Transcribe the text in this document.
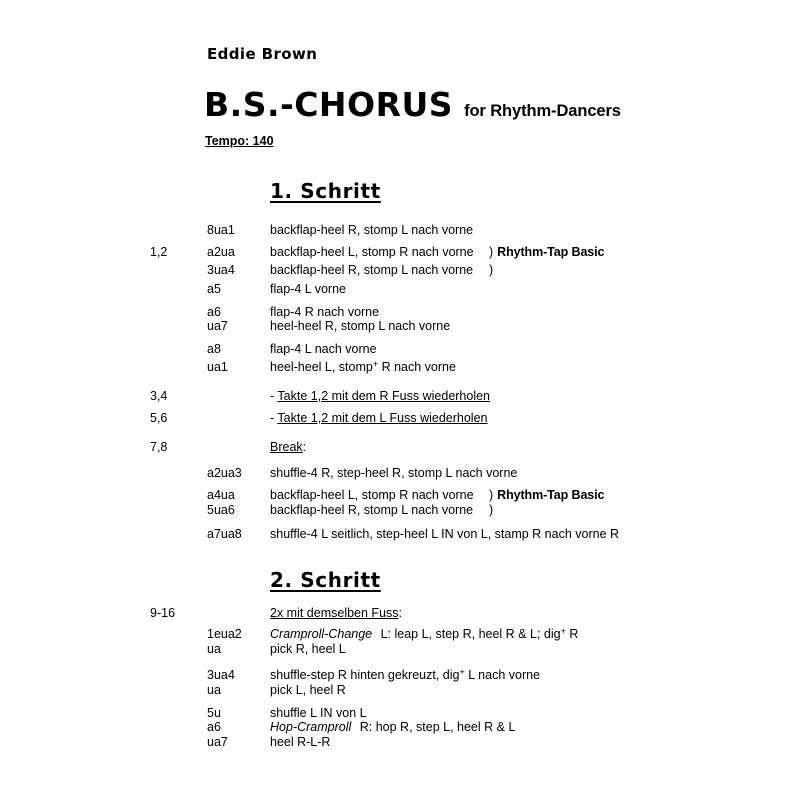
Eddie Brown
B.S.-CHORUS for Rhythm-Dancers
Tempo: 140
1. Schritt
2. Schritt
8ua1	backflap-heel R, stomp L nach vorne
1,2	a2ua	backflap-heel L, stomp R nach vorne ) Rhythm-Tap Basic
3ua4	backflap-heel R, stomp L nach vorne )
a5	flap-4 L vorne
a6	flap-4 R nach vorne
ua7	heel-heel R, stomp L nach vorne
a8	flap-4 L nach vorne
ua1	heel-heel L, stomp+ R nach vorne
3,4	- Takte 1,2 mit dem R Fuss wiederholen
5,6	- Takte 1,2 mit dem L Fuss wiederholen
7,8	Break:
a2ua3 shuffle-4 R, step-heel R, stomp L nach vorne
a4ua	backflap-heel L, stomp R nach vorne ) Rhythm-Tap Basic
5ua6	backflap-heel R, stomp L nach vorne )
a7ua8 shuffle-4 L seitlich, step-heel L IN von L, stamp R nach vorne R
9-16	2x mit demselben Fuss:
1eua2 Cramproll-Change L: leap L, step R, heel R & L; dig+ R
ua	pick R, heel L
3ua4	shuffle-step R hinten gekreuzt, dig+ L nach vorne
ua	pick L, heel R
5u	shuffle L IN von L
a6	Hop-Cramproll R: hop R, step L, heel R & L
ua7	heel R-L-R
